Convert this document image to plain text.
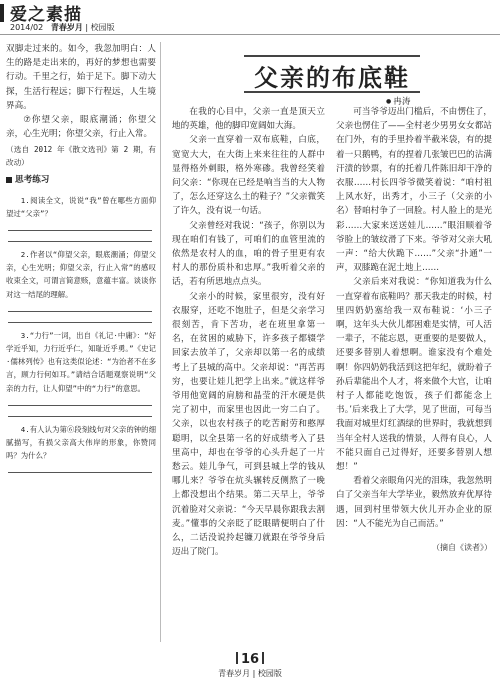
爱之素描
2014/02 青春岁月 | 校园版

双脚走过来的。如今，我忽加明白：人生的路是走出来的，再好的梦想也需要行动。千里之行，始于足下。脚下动大探，生活行程远；脚下行程远，人生境界高。

⑦你望父亲，眼底潮涌；你望父亲，心生光明；你望父亲，行止入常。

（选自 2012 年《散文选刊》第 2 期，有改动）
思考练习
1.阅读全文，说说“我”曾在哪些方面仰望过“父亲”？
2.作者以“仰望父亲，眼底潮涌；仰望父亲，心生光明；仰望父亲，行止入常”的感叹收束全文，可谓言简意赅，意蕴丰富。谈谈你对这一结尾的理解。
3.“力行”一词，出自《礼记·中庸》：“好学近乎知，力行近乎仁，知耻近乎勇。”《史记·儒林列传》也有这类似论述：“为治者不在多言，顾力行何如耳。”请结合话题观察说明“父亲的力行，让人仰望”中的“力行”的意思。
4.有人认为第⑥段刻线句对父亲的钟的细腻描写，有损父亲高大伟岸的形象，你赞同吗？为什么？
父亲的布底鞋
● 冉涛

在我的心目中，父亲一直是顶天立地的英雄，他的脚印宽阔如大海。

父亲一直穿着一双布底鞋，白底，宽宽大大，在大街上来来往往的人群中显得格外刺眼，格外寒碜。我曾经笑着问父亲：“你现在已经是响当当的大人物了，怎么还穿这么土的鞋子？”父亲微笑了许久，没有说一句话。

父亲曾经对我说：“孩子，你别以为现在咱们有钱了，可咱们的血管里流的依然是农村人的血，咱的骨子里更有农村人的那份质朴和忠厚。”我听着父亲的话，若有所思地点点头。

父亲小的时候，家里很穷，没有好衣服穿，还吃不饱肚子，但是父亲学习很刻苦，肯下苦功，老在班里拿第一名，在贫困的威胁下，许多孩子都辍学回家去放羊了，父亲却以第一名的成绩考上了县城的高中。父亲却说：“再苦再穷，也要让娃儿把学上出来。”就这样爷爷用他宽阔的肩膀和晶莹的汗水硬是供完了初中，而家里也因此一穷二白了。父亲，以也农村孩子的吃苦耐劳和憨厚聪明，以全县第一名的好成绩考入了县里高中，却也在爷爷的心头升起了一片愁云。娃儿争气，可到县城上学的钱从哪儿来？爷爷在炕头辗转反侧熬了一晚上都没想出个结果。第二天早上，爷爷沉着脸对父亲说：“今天早晨你跟我去割麦。”懂事的父亲眨了眨眼睛便明白了什么，二话没说拎起镰刀就跟在爷爷身后迈出了院门。

可当爷爷迈出门槛后，不由愣住了，父亲也愣住了——全村老少男男女女都站在门外，有的手里拎着半截米袋，有的提着一只鹅鸭，有的捏着几张皱巴巴的沾满汗渍的钞票，有的托着几件陈旧却干净的衣服……村长四爷爷微笑着说：“咱村祖上风水好，出秀才，小三子（父亲的小名）替咱村争了一回脸。村人脸上的是光彩……大家来送送娃儿……”眼泪顺着爷爷脸上的皱纹滑了下来。爷爷对父亲大吼一声：“给大伙跪下……”父亲“扑通”一声，双膝跪在泥土地上……

父亲后来对我说：“你知道我为什么一直穿着布底鞋吗？那天我走的时候，村里四奶奶塞给我一双布鞋说：‘小三子啊，这年头大伙儿都困难是实情，可人活一辈子，不能忘恩，更重要的是要做人，还要多替别人着想啊。谁家没有个难处啊！你四奶奶我活到这把年纪，就盼着子孙后辈能出个人才，将来做个大官，让咱村子人都能吃饱饭，孩子们都能念上书。’后来我上了大学，见了世面，可每当我面对城里灯红酒绿的世界时，我就想到当年全村人送我的情景，人得有良心，人不能只面自己过得好，还要多替别人想想！”

看着父亲眼角闪光的泪珠，我忽然明白了父亲当年大学毕业，毅然放弃优厚待遇，回到村里带领大伙儿开办企业的原因：“人不能光为自己而活。”

（摘自《读者》）
16
青春岁月 | 校园版
